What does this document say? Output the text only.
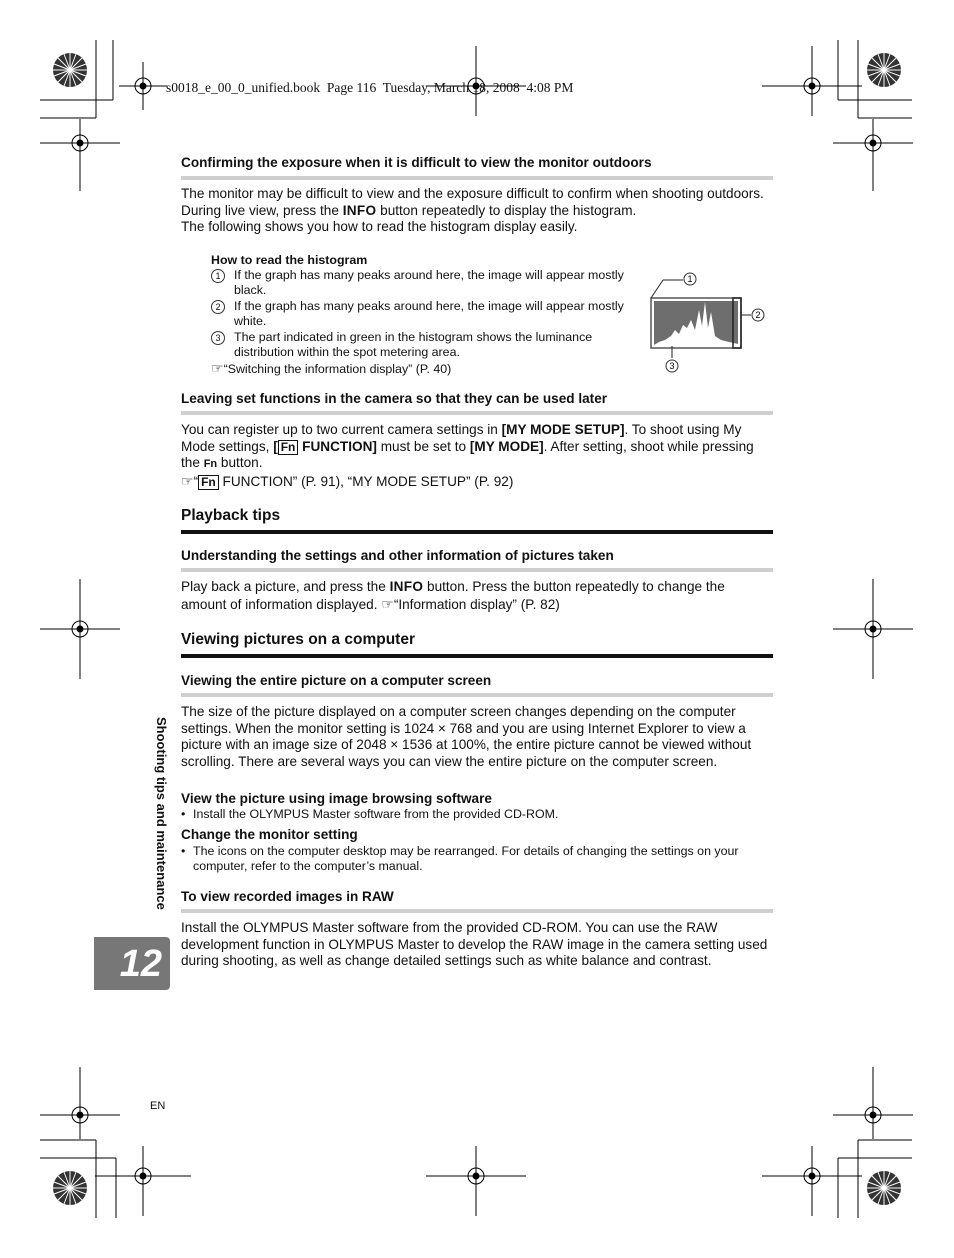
s0018_e_00_0_unified.book  Page 116  Tuesday, March 18, 2008  4:08 PM
Confirming the exposure when it is difficult to view the monitor outdoors
The monitor may be difficult to view and the exposure difficult to confirm when shooting outdoors.
During live view, press the INFO button repeatedly to display the histogram.
The following shows you how to read the histogram display easily.
How to read the histogram
1	If the graph has many peaks around here, the image will appear mostly black.
2	If the graph has many peaks around here, the image will appear mostly white.
3	The part indicated in green in the histogram shows the luminance distribution within the spot metering area.
☞“Switching the information display” (P. 40)
1
2
3
Leaving set functions in the camera so that they can be used later
You can register up to two current camera settings in [MY MODE SETUP]. To shoot using My Mode settings, [ Fn FUNCTION] must be set to [MY MODE]. After setting, shoot while pressing the Fn button.
☞“ Fn FUNCTION” (P. 91), “MY MODE SETUP” (P. 92)
Playback tips
Understanding the settings and other information of pictures taken
Play back a picture, and press the INFO button. Press the button repeatedly to change the amount of information displayed. ☞“Information display” (P. 82)
Viewing pictures on a computer
Viewing the entire picture on a computer screen
The size of the picture displayed on a computer screen changes depending on the computer settings. When the monitor setting is 1024 × 768 and you are using Internet Explorer to view a picture with an image size of 2048 × 1536 at 100%, the entire picture cannot be viewed without scrolling. There are several ways you can view the entire picture on the computer screen.
View the picture using image browsing software
• Install the OLYMPUS Master software from the provided CD-ROM.
Change the monitor setting
• The icons on the computer desktop may be rearranged. For details of changing the settings on your computer, refer to the computer’s manual.
To view recorded images in RAW
Install the OLYMPUS Master software from the provided CD-ROM. You can use the RAW development function in OLYMPUS Master to develop the RAW image in the camera setting used during shooting, as well as change detailed settings such as white balance and contrast.
Shooting tips and maintenance
12
EN
